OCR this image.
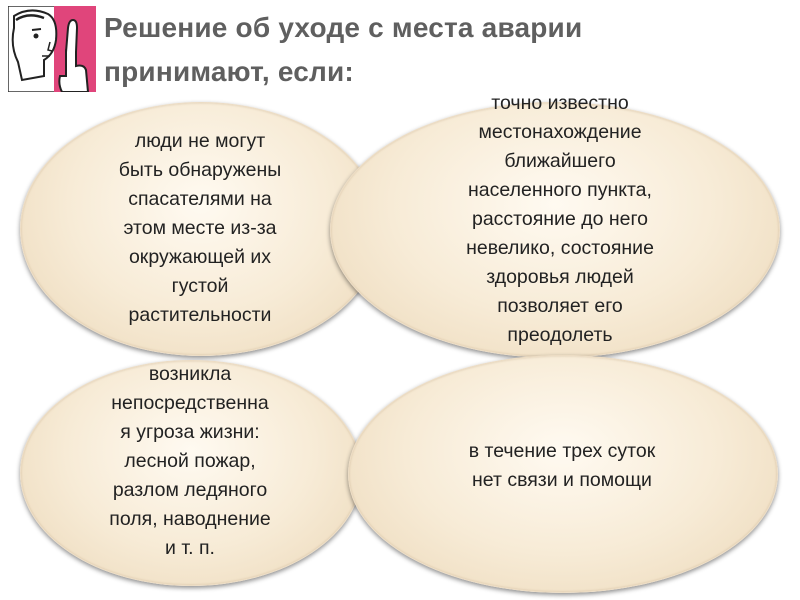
Решение об уходе с места аварии
принимают, если:
люди не могут
быть обнаружены
спасателями на
этом месте из-за
окружающей их
густой
растительности
точно известно
местонахождение
ближайшего
населенного пункта,
расстояние до него
невелико, состояние
здоровья людей
позволяет его
преодолеть
возникла
непосредственна
я угроза жизни:
лесной пожар,
разлом ледяного
поля, наводнение
и т. п.
в течение трех суток
нет связи и помощи
